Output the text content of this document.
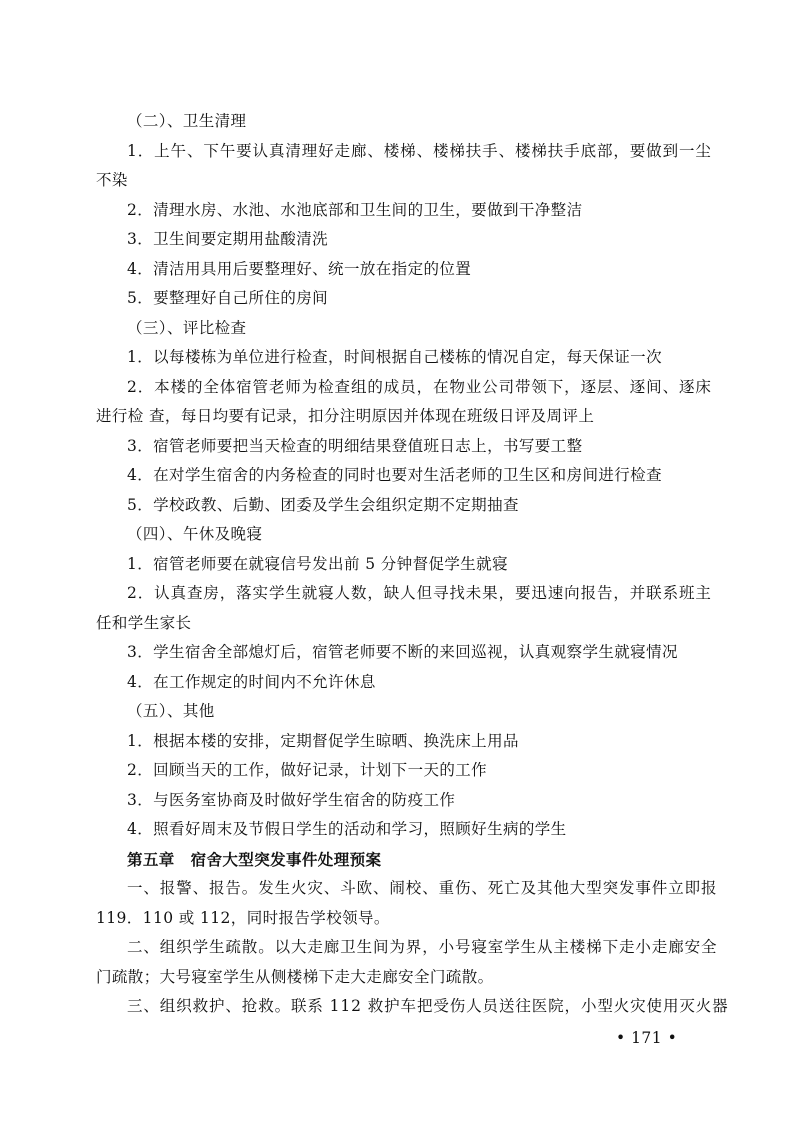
（二）、卫生清理
1．上午、下午要认真清理好走廊、楼梯、楼梯扶手、楼梯扶手底部，要做到一尘
不染
2．清理水房、水池、水池底部和卫生间的卫生，要做到干净整洁
3．卫生间要定期用盐酸清洗
4．清洁用具用后要整理好、统一放在指定的位置
5．要整理好自己所住的房间
（三）、评比检查
1．以每楼栋为单位进行检查，时间根据自己楼栋的情况自定，每天保证一次
2．本楼的全体宿管老师为检查组的成员，在物业公司带领下，逐层、逐间、逐床
进行检 查，每日均要有记录，扣分注明原因并体现在班级日评及周评上
3．宿管老师要把当天检查的明细结果登值班日志上，书写要工整
4．在对学生宿舍的内务检查的同时也要对生活老师的卫生区和房间进行检查
5．学校政教、后勤、团委及学生会组织定期不定期抽查
（四）、午休及晚寝
1．宿管老师要在就寝信号发出前 5 分钟督促学生就寝
2．认真查房，落实学生就寝人数，缺人但寻找未果，要迅速向报告，并联系班主
任和学生家长
3．学生宿舍全部熄灯后，宿管老师要不断的来回巡视，认真观察学生就寝情况
4．在工作规定的时间内不允许休息
（五）、其他
1．根据本楼的安排，定期督促学生晾晒、换洗床上用品
2．回顾当天的工作，做好记录，计划下一天的工作
3．与医务室协商及时做好学生宿舍的防疫工作
4．照看好周末及节假日学生的活动和学习，照顾好生病的学生
第五章　宿舍大型突发事件处理预案
一、报警、报告。发生火灾、斗欧、闹校、重伤、死亡及其他大型突发事件立即报
119．110 或 112，同时报告学校领导。
二、组织学生疏散。以大走廊卫生间为界，小号寝室学生从主楼梯下走小走廊安全
门疏散；大号寝室学生从侧楼梯下走大走廊安全门疏散。
三、组织救护、抢救。联系 112 救护车把受伤人员送往医院，小型火灾使用灭火器
• 171 •
